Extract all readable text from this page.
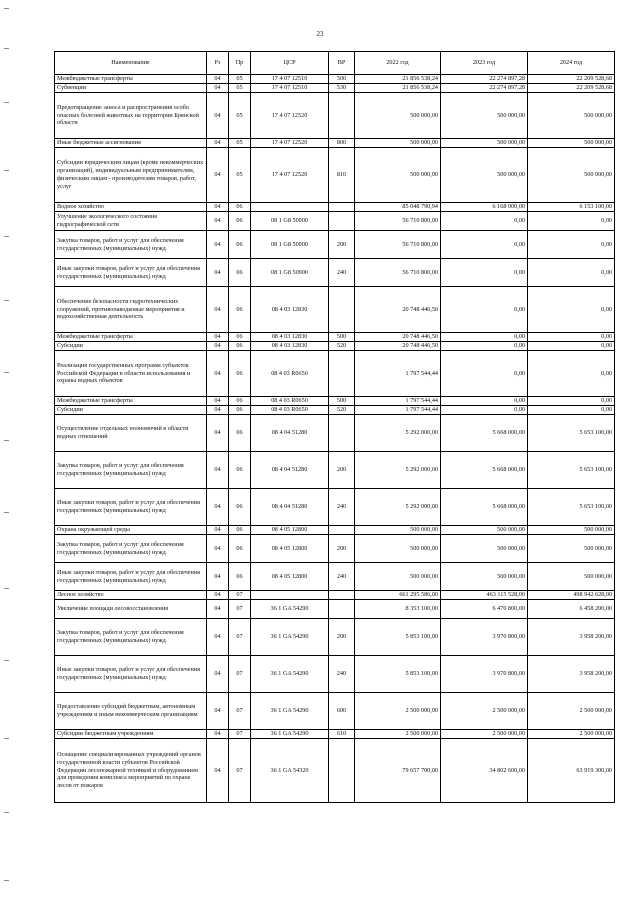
23
Наименование	Рз	Пр	ЦСР	ВР	2022 год	2023 год	2024 год
Межбюджетные трансферты	04	05	17 4 07 12510	500	21 856 538,24	22 274 897,28	22 209 528,68
Субвенции	04	05	17 4 07 12510	530	21 856 538,24	22 274 897,28	22 209 528,68
Предотвращение заноса и распространения особо опасных болезней животных на территории Брянской области	04	05	17 4 07 12520		500 000,00	500 000,00	500 000,00
Иные бюджетные ассигнования	04	05	17 4 07 12520	800	500 000,00	500 000,00	500 000,00
Субсидии юридическим лицам (кроме некоммерческих организаций), индивидуальным предпринимателям, физическим лицам - производителям товаров, работ, услуг	04	05	17 4 07 12520	810	500 000,00	500 000,00	500 000,00
Водное хозяйство	04	06			85 048 790,94	6 168 000,00	6 153 100,00
Улучшение экологического состояния гидрографической сети	04	06	08 1 G8 50900		56 710 800,00	0,00	0,00
Закупка товаров, работ и услуг для обеспечения государственных (муниципальных) нужд	04	06	08 1 G8 50900	200	56 710 800,00	0,00	0,00
Иные закупки товаров, работ и услуг для обеспечения государственных (муниципальных) нужд	04	06	08 1 G8 50900	240	56 710 800,00	0,00	0,00
Обеспечение безопасности гидротехнических сооружений, противопаводковые мероприятия и водохозяйственная деятельность	04	06	08 4 03 12830		20 748 446,50	0,00	0,00
Межбюджетные трансферты	04	06	08 4 03 12830	500	20 748 446,50	0,00	0,00
Субсидии	04	06	08 4 03 12830	520	20 748 446,50	0,00	0,00
Реализация государственных программ субъектов Российской Федерации в области использования и охраны водных объектов	04	06	08 4 03 R0650		1 797 544,44	0,00	0,00
Межбюджетные трансферты	04	06	08 4 03 R0650	500	1 797 544,44	0,00	0,00
Субсидии	04	06	08 4 03 R0650	520	1 797 544,44	0,00	0,00
Осуществление отдельных полномочий в области водных отношений	04	06	08 4 04 51280		5 292 000,00	5 668 000,00	5 653 100,00
Закупка товаров, работ и услуг для обеспечения государственных (муниципальных) нужд	04	06	08 4 04 51280	200	5 292 000,00	5 668 000,00	5 653 100,00
Иные закупки товаров, работ и услуг для обеспечения государственных (муниципальных) нужд	04	06	08 4 04 51280	240	5 292 000,00	5 668 000,00	5 653 100,00
Охрана окружающей среды	04	06	08 4 05 12800		500 000,00	500 000,00	500 000,00
Закупка товаров, работ и услуг для обеспечения государственных (муниципальных) нужд	04	06	08 4 05 12800	200	500 000,00	500 000,00	500 000,00
Иные закупки товаров, работ и услуг для обеспечения государственных (муниципальных) нужд	04	06	08 4 05 12800	240	500 000,00	500 000,00	500 000,00
Лесное хозяйство	04	07			661 295 586,00	463 115 528,00	498 942 628,00
Увеличение площади лесовосстановления	04	07	36 1 GA 54290		8 353 100,00	6 470 800,00	6 458 200,00
Закупка товаров, работ и услуг для обеспечения государственных (муниципальных) нужд	04	07	36 1 GA 54290	200	5 853 100,00	3 970 800,00	3 958 200,00
Иные закупки товаров, работ и услуг для обеспечения государственных (муниципальных) нужд	04	07	36 1 GA 54290	240	5 853 100,00	3 970 800,00	3 958 200,00
Предоставление субсидий бюджетным, автономным учреждениям и иным некоммерческим организациям	04	07	36 1 GA 54290	600	2 500 000,00	2 500 000,00	2 500 000,00
Субсидии бюджетным учреждениям	04	07	36 1 GA 54290	610	2 500 000,00	2 500 000,00	2 500 000,00
Оснащение специализированных учреждений органов государственной власти субъектов Российской Федерации лесопожарной техникой и оборудованием для проведения комплекса мероприятий по охране лесов от пожаров	04	07	36 1 GA 54320		79 657 700,00	34 802 600,00	63 919 300,00
